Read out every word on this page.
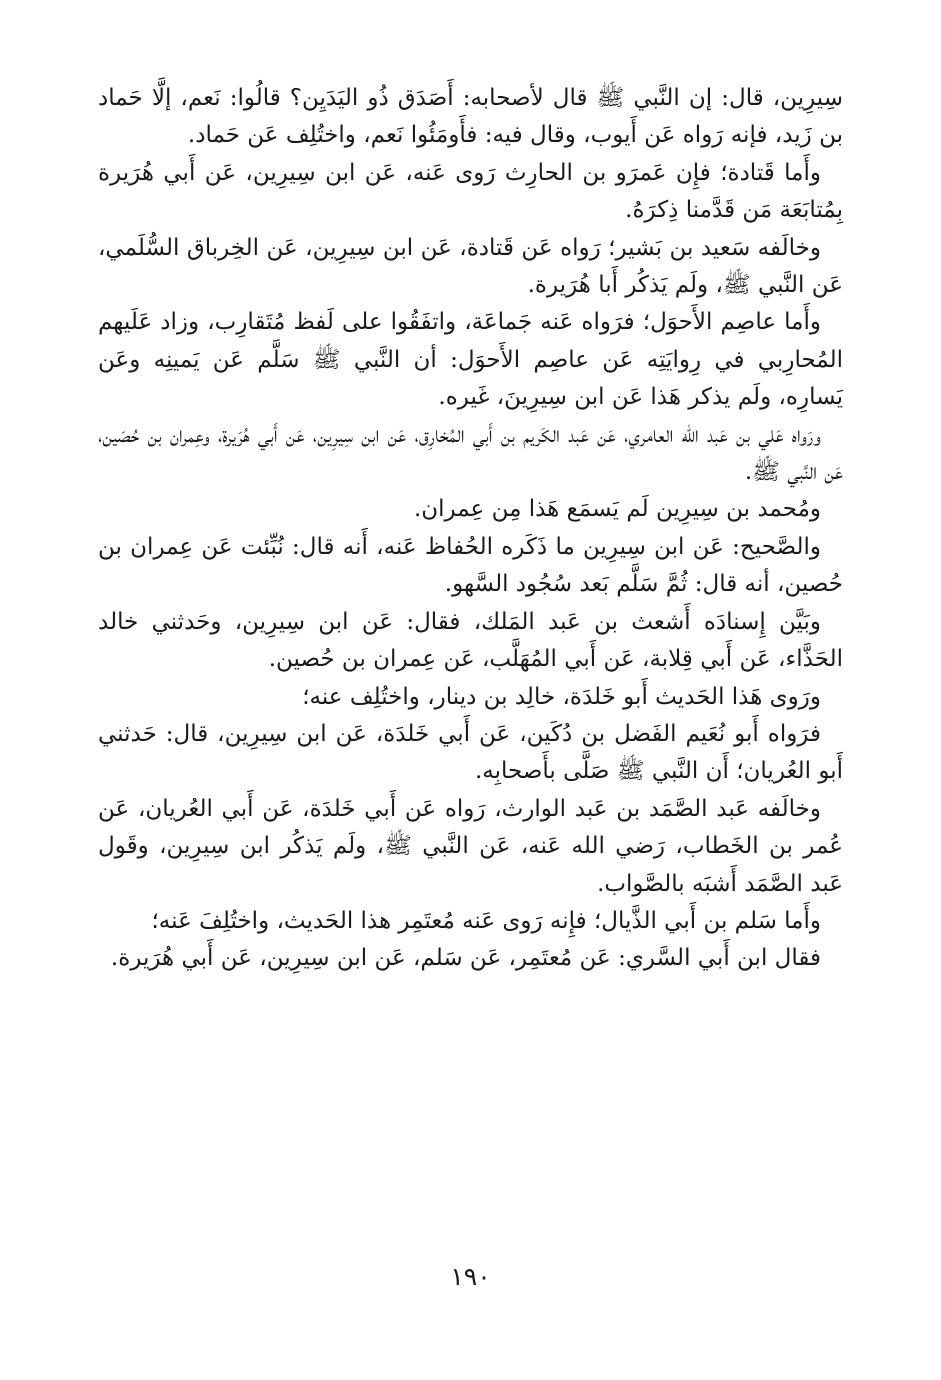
سِيرِين، قال: إن النَّبي ﷺ قال لأصحابه: أَصَدَق ذُو اليَدَيِن؟ قالُوا: نَعم، إلَّا حَماد بن زَيد، فإنه رَواه عَن أَيوب، وقال فيه: فأَومَئُوا نَعم، واختُلِف عَن حَماد.

وأَما قَتادة؛ فإِن عَمرَو بن الحارِث رَوى عَنه، عَن ابن سِيرِين، عَن أَبي هُرَيرة بِمُتابَعَة مَن قَدَّمنا ذِكرَهُ.

وخالَفه سَعيد بن بَشير؛ رَواه عَن قَتادة، عَن ابن سِيرِين، عَن الخِرباق السُّلَمي، عَن النَّبي ﷺ، ولَم يَذكُر أَبا هُرَيرة.

وأَما عاصِم الأَحوَل؛ فرَواه عَنه جَماعَة، واتفَقُوا على لَفظ مُتَقارِب، وزاد عَلَيهم المُحارِبي في رِوايَتِه عَن عاصِم الأَحوَل: أن النَّبي ﷺ سَلَّم عَن يَمينِه وعَن يَسارِه، ولَم يذكر هَذا عَن ابن سِيرِينَ، غَيره.

ورَواه عَلي بن عَبد الله العامري، عَن عَبد الكَريم بن أَبي المُخارِق، عَن ابن سِيرِين، عَن أَبي هُرَيرة، وعِمران بن حُصَين، عَن النَّبي ﷺ.

ومُحمد بن سِيرِين لَم يَسمَع هَذا مِن عِمران.

والصَّحيح: عَن ابن سِيرِين ما ذَكَره الحُفاظ عَنه، أَنه قال: نُبِّئت عَن عِمران بن حُصين، أنه قال: ثُمَّ سَلَّم بَعد سُجُود السَّهو.

وبَيَّن إِسنادَه أَشعث بن عَبد المَلك، فقال: عَن ابن سِيرِين، وحَدثني خالد الحَذَّاء، عَن أَبي قِلابة، عَن أَبي المُهَلَّب، عَن عِمران بن حُصين.

ورَوى هَذا الحَديث أَبو خَلدَة، خالِد بن دينار، واختُلِف عنه؛

فرَواه أَبو نُعَيم الفَضل بن دُكَين، عَن أَبي خَلدَة، عَن ابن سِيرِين، قال: حَدثني أَبو العُريان؛ أَن النَّبي ﷺ صَلَّى بأَصحابِه.

وخالَفه عَبد الصَّمَد بن عَبد الوارث، رَواه عَن أَبي خَلدَة، عَن أَبي العُريان، عَن عُمر بن الخَطاب، رَضي الله عَنه، عَن النَّبي ﷺ، ولَم يَذكُر ابن سِيرِين، وقَول عَبد الصَّمَد أَشبَه بالصَّواب.

وأَما سَلم بن أَبي الذَّيال؛ فإِنه رَوى عَنه مُعتَمِر هذا الحَديث، واختُلِفَ عَنه؛

فقال ابن أَبي السَّري: عَن مُعتَمِر، عَن سَلم، عَن ابن سِيرِين، عَن أَبي هُرَيرة.

١٩٠
